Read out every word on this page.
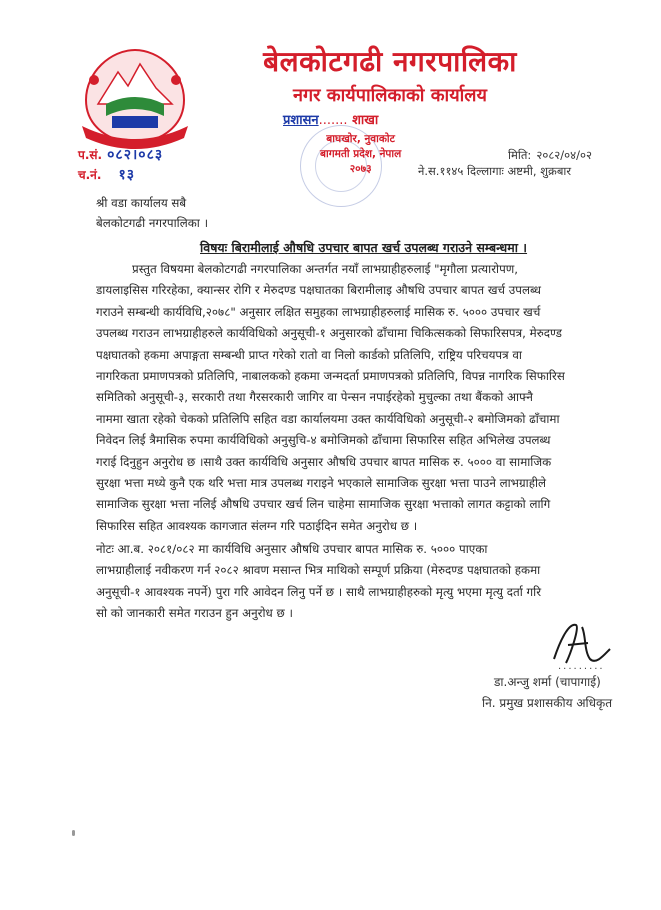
बेलकोटगढी नगरपालिका
नगर कार्यपालिकाको कार्यालय
प्रशासन....... शाखा
बाघखोर, नुवाकोट
बागमती प्रदेश, नेपाल
२०७३
प.सं. ०८२।०८३
च.नं. १३
मिति: २०८२/०४/०२
ने.स.११४५ दिल्लागाः अष्टमी, शुक्रबार
श्री वडा कार्यालय सबै
बेलकोटगढी नगरपालिका ।
विषयः बिरामीलाई औषधि उपचार बापत खर्च उपलब्ध गराउने सम्बन्धमा ।
प्रस्तुत विषयमा बेलकोटगढी नगरपालिका अन्तर्गत नयाँ लाभग्राहीहरुलाई "मृगौला प्रत्यारोपण,
डायलाइसिस गरिरहेका, क्यान्सर रोगि र मेरुदण्ड पक्षघातका बिरामीलाइ औषधि उपचार बापत खर्च उपलब्ध
गराउने सम्बन्धी कार्यविधि,२०७८" अनुसार लक्षित समुहका लाभग्राहीहरुलाई मासिक रु. ५००० उपचार खर्च
उपलब्ध गराउन लाभग्राहीहरुले कार्यविधिको अनुसूची-१ अनुसारको ढाँचामा चिकित्सकको सिफारिसपत्र, मेरुदण्ड
पक्षघातको हकमा अपाङ्गता सम्बन्धी प्राप्त गरेको रातो वा निलो कार्डको प्रतिलिपि, राष्ट्रिय परिचयपत्र वा
नागरिकता प्रमाणपत्रको प्रतिलिपि, नाबालकको हकमा जन्मदर्ता प्रमाणपत्रको प्रतिलिपि, विपन्न नागरिक सिफारिस
समितिको अनुसूची-३, सरकारी तथा गैरसरकारी जागिर वा पेन्सन नपाईरहेको मुचुल्का तथा बैंकको आफ्नै
नाममा खाता रहेको चेकको प्रतिलिपि सहित वडा कार्यालयमा उक्त कार्यविधिको अनुसूची-२ बमोजिमको ढाँचामा
निवेदन लिई त्रैमासिक रुपमा कार्यविधिको अनुसुचि-४ बमोजिमको ढाँचामा सिफारिस सहित अभिलेख उपलब्ध
गराई दिनुहुन अनुरोध छ ।साथै उक्त कार्यविधि अनुसार औषधि उपचार बापत मासिक रु. ५००० वा सामाजिक
सुरक्षा भत्ता मध्ये कुनै एक थरि भत्ता मात्र उपलब्ध गराइने भएकाले सामाजिक सुरक्षा भत्ता पाउने लाभग्राहीले
सामाजिक सुरक्षा भत्ता नलिई औषधि उपचार खर्च लिन चाहेमा सामाजिक सुरक्षा भत्ताको लागत कट्टाको लागि
सिफारिस सहित आवश्यक कागजात संलग्न गरि पठाईदिन समेत अनुरोध छ ।
नोटः आ.ब. २०८१/०८२ मा कार्यविधि अनुसार औषधि उपचार बापत मासिक रु. ५००० पाएका
लाभग्राहीलाई नवीकरण गर्न २०८२ श्रावण मसान्त भित्र माथिको सम्पूर्ण प्रक्रिया (मेरुदण्ड पक्षघातको हकमा
अनुसूची-१ आवश्यक नपर्ने) पुरा गरि आवेदन लिनु पर्ने छ । साथै लाभग्राहीहरुको मृत्यु भएमा मृत्यु दर्ता गरि
सो को जानकारी समेत गराउन हुन अनुरोध छ ।
.........
डा.अन्जु शर्मा (चापागाई)
नि. प्रमुख प्रशासकीय अधिकृत
